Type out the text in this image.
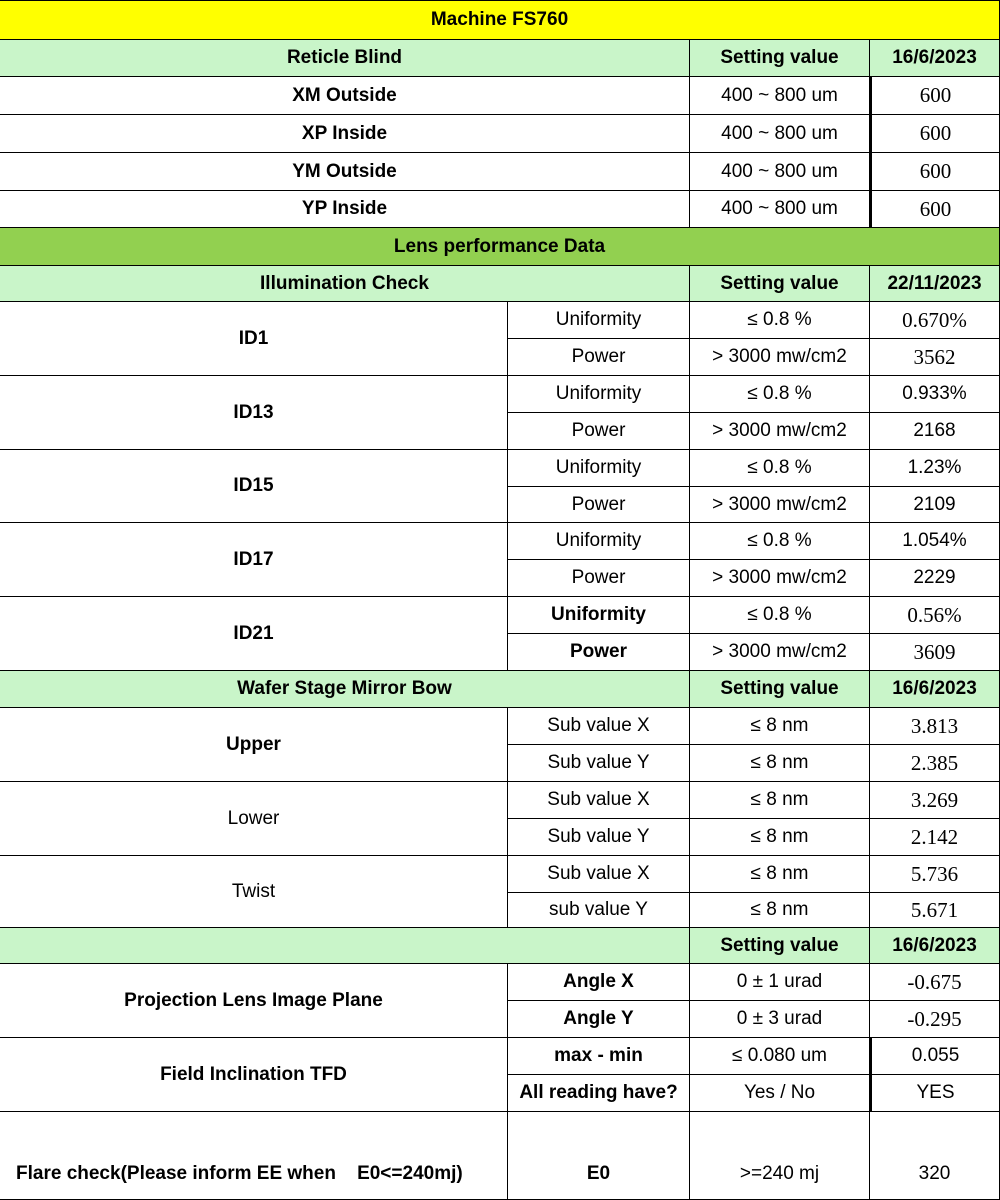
Machine FS760
Reticle Blind	Setting value	16/6/2023
XM Outside	400 ~ 800 um	600
XP Inside	400 ~ 800 um	600
YM Outside	400 ~ 800 um	600
YP Inside	400 ~ 800 um	600
Lens performance Data
Illumination Check	Setting value	22/11/2023
ID1
Uniformity	≤ 0.8 %	0.670%
Power	> 3000 mw/cm2	3562
ID13
Uniformity	≤ 0.8 %	0.933%
Power	> 3000 mw/cm2	2168
ID15
Uniformity	≤ 0.8 %	1.23%
Power	> 3000 mw/cm2	2109
ID17
Uniformity	≤ 0.8 %	1.054%
Power	> 3000 mw/cm2	2229
ID21
Uniformity	≤ 0.8 %	0.56%
Power	> 3000 mw/cm2	3609
Wafer Stage Mirror Bow	Setting value	16/6/2023
Upper
Sub value X	≤ 8 nm	3.813
Sub value Y	≤ 8 nm	2.385
Lower
Sub value X	≤ 8 nm	3.269
Sub value Y	≤ 8 nm	2.142
Twist
Sub value X	≤ 8 nm	5.736
sub value Y	≤ 8 nm	5.671
Setting value	16/6/2023
Projection Lens Image Plane
Angle X	0 ± 1 urad	-0.675
Angle Y	0 ± 3 urad	-0.295
Field Inclination TFD
max - min	≤ 0.080 um	0.055
All reading have?	Yes / No	YES
Flare check(Please inform EE when    E0<=240mj)	E0	>=240 mj	320
